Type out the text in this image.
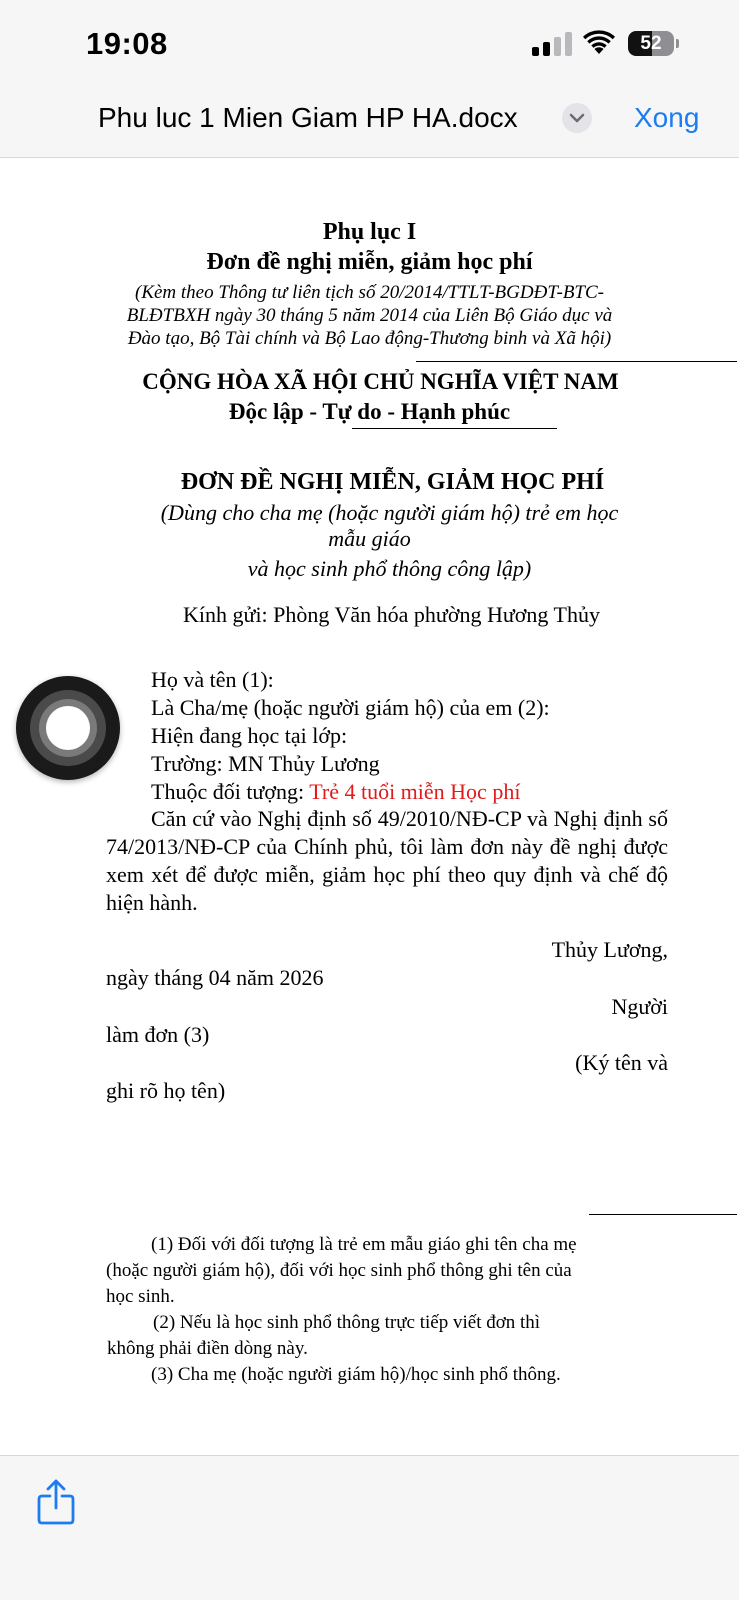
19:08	52
Phu luc 1 Mien Giam HP HA.docx	Xong
Phụ lục I
Đơn đề nghị miễn, giảm học phí
(Kèm theo Thông tư liên tịch số 20/2014/TTLT-BGDĐT-BTC-
BLĐTBXH ngày 30 tháng 5 năm 2014 của Liên Bộ Giáo dục và
Đào tạo, Bộ Tài chính và Bộ Lao động-Thương binh và Xã hội)
CỘNG HÒA XÃ HỘI CHỦ NGHĨA VIỆT NAM
Độc lập - Tự do - Hạnh phúc
ĐƠN ĐỀ NGHỊ MIỄN, GIẢM HỌC PHÍ
(Dùng cho cha mẹ (hoặc người giám hộ) trẻ em học
mẫu giáo
và học sinh phổ thông công lập)
Kính gửi: Phòng Văn hóa phường Hương Thủy
Họ và tên (1):
Là Cha/mẹ (hoặc người giám hộ) của em (2):
Hiện đang học tại lớp:
Trường: MN Thủy Lương
Thuộc đối tượng: Trẻ 4 tuổi miễn Học phí
Căn cứ vào Nghị định số 49/2010/NĐ-CP và Nghị định số 74/2013/NĐ-CP của Chính phủ, tôi làm đơn này đề nghị được xem xét để được miễn, giảm học phí theo quy định và chế độ hiện hành.
Thủy Lương,
ngày tháng 04 năm 2026
Người
làm đơn (3)
(Ký tên và
ghi rõ họ tên)
(1) Đối với đối tượng là trẻ em mẫu giáo ghi tên cha mẹ
(hoặc người giám hộ), đối với học sinh phổ thông ghi tên của
học sinh.
(2) Nếu là học sinh phổ thông trực tiếp viết đơn thì
không phải điền dòng này.
(3) Cha mẹ (hoặc người giám hộ)/học sinh phổ thông.
